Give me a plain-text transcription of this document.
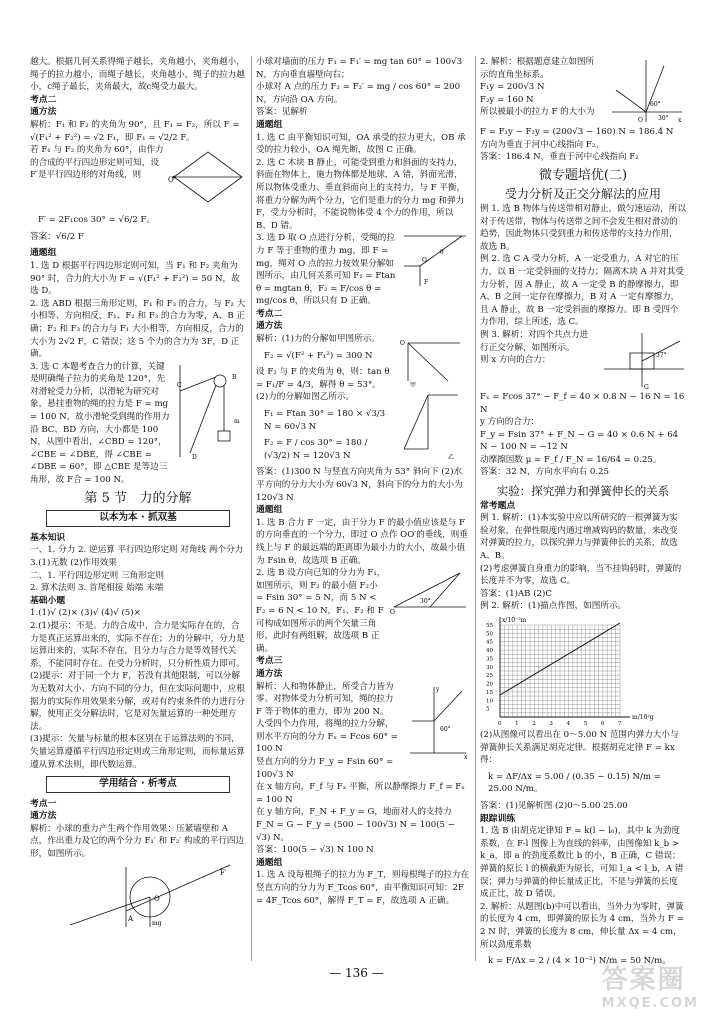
越大。根据几何关系得绳子越长，夹角越小，夹角越小，绳子的拉力越小，而绳子越长，夹角越小，绳子的拉力越小，c绳子最长，夹角最大，故c绳受力最大。

考点二

通方法

解析：F₁ 和 F₂ 的夹角为 90°，且 F₁ = F₂，所以 F = √(F₁² + F₂²) = √2 F₁，即 F₁ = √2/2 F。

若 F₁ 与 F₂ 的夹角为 60°，由作力的合成的平行四边形定则可知，设 F′是平行四边形的对角线，则	O

F′ = 2F₁cos 30° = √6/2 F。

答案：√6/2 F

通题组

1. 选 D 根据平行四边形定则可知，当 F₁ 和 F₂ 夹角为 90° 时，合力的大小为 F = √(F₁² + F₂²) = 50 N，故选 D。

2. 选 ABD 根据三角形定则，F₁ 和 F₃ 的合力，与 F₂ 大小相等、方向相反，F₁、F₂ 和 F₃ 的合力为零，A、B 正确；F₂ 和 F₃ 的合力与 F₁ 大小相等，方向相反，合力的大小为 2√2 F，C 错误；这 5 个力的合力为 3F，D 正确。

3. 选 C 本题考查合力的计算，关键是明确绳子拉力的夹角是 120°，先对滑轮受力分析，以滑轮为研究对象，悬挂重物的绳的拉力是 F = mg = 100 N，故小滑轮受到绳的作用力沿 BC、BD 方向，大小都是 100 N，从图中看出，∠CBD = 120°，∠CBE = ∠DBE，得 ∠CBE = ∠DBE = 60°，即 △CBE 是等边三角形，故 F合 = 100 N。

C
B
D
m

第 5 节 力的分解

以本为本 · 抓双基

基本知识

一、1. 分力 2. 逆运算 平行四边形定则 对角线 两个分力 3.(1)无数 (2)作用效果

二、1. 平行四边形定则 三角形定则

2. 算术法则 3. 首尾相接 始端 末端

基础小题

1.(1)√ (2)× (3)√ (4)√ (5)×

2.(1)提示：不是。力的合成中，合力是实际存在的，合力是真正运算出来的，实际不存在；力的分解中，分力是运算出来的，实际不存在，且分力与合力是等效替代关系，不能同时存在。在受力分析时，只分析性质力即可。

(2)提示：对于同一个力 F，若没有其他限制，可以分解为无数对大小、方向不同的分力，但在实际问题中，应根据力的实际作用效果来分解，或对有约束条件的力进行分解，使用正交分解法时，它是对矢量运算的一种处理方法。

(3)提示：矢量与标量的根本区别在于运算法则的不同，矢量运算遵循平行四边形定则或三角形定则，而标量运算遵从算术法则，即代数运算。

学用结合 · 析考点

考点一

通方法

解析：小球的重力产生两个作用效果：压紧墙壁和 A 点，作出重力及它的两个分力 F₁′ 和 F₂′ 构成的平行四边形，如图所示。

O
A
F′
mg

小球对墙面的压力 F₁ = F₁′ = mg tan 60° = 100√3 N，方向垂直墙壁向右；

小球对 A 点的压力 F₂ = F₂′ = mg / cos 60° = 200 N，方向沿 OA 方向。

答案：见解析

通题组

1. 选 C 由平衡知识可知，OA 承受的拉力更大，OB 承受的拉力较小，OA 绳先断，故图 C 正确。

2. 选 C 木块 B 静止，可能受到重力和斜面的支持力，斜面在物体上，施力物体都是地球，A 错，斜面光滑，所以物体受重力、垂直斜面向上的支持力，与 F 平衡，将重力分解为两个分力，它们是重力的分力 mg 和弹力 F，受力分析时，不能说物体受 4 个力的作用，所以 B、D 错。

3. 选 D 取 O 点进行分析，受绳的拉力 F 等于重物的重力 mg，即 F = mg，绳对 O 点的拉力按效果分解如图所示，由几何关系可知 F₁ = Ftan θ = mgtan θ，F₂ = F/cos θ = mg/cos θ，所以只有 D 正确。

O
F
θ

考点二

通方法

解析：(1)力的分解如甲图所示。

F₂ = √(F² + F₁²) = 300 N

设 F₂ 与 F 的夹角为 θ，则：tan θ = F₁/F = 4/3，解得 θ = 53°。

(2)力的分解如图乙所示。

F₁ = Ftan 30° = 180 × √3/3 N = 60√3 N

F₂ = F / cos 30° = 180 / (√3/2) N = 120√3 N

O
甲
乙

答案：(1)300 N 与竖直方向夹角为 53° 斜向下 (2)水平方向的分力大小为 60√3 N，斜向下的分力的大小为 120√3 N

通题组

1. 选 B 合力 F 一定，由于分力 F 的最小值应该是与 F 的方向垂直的一个分力，即过 O 点作 OO′的垂线，则垂线上与 F 的最远端的距离即为最小力的大小，故最小值为 Fsin θ，故选项 B 正确。

2. 选 B 设方向已知的分力为 F₁，如图所示，则 F₂ 的最小值 F₂小 = Fsin 30° = 5 N，而 5 N < F₂ = 6 N < 10 N，F₁、F₂ 和 F 可构成如图所示的两个矢量三角形，此时有两组解，故选项 B 正确。

30°
O

考点三

通方法

解析：人和物体静止，所受合力皆为零。对物体受力分析可知，绳的拉力 F 等于物体的重力，即为 200 N。

人受四个力作用，将绳的拉力分解，则水平方向的分力 Fₓ = Fcos 60° = 100 N

竖直方向的分力 F_y = Fsin 60° = 100√3 N

60°
x
y

在 x 轴方向，F_f 与 Fₓ 平衡，所以静摩擦力 F_f = Fₓ = 100 N

在 y 轴方向，F_N + F_y = G，地面对人的支持力 F_N = G − F_y = (500 − 100√3) N = 100(5 − √3) N。

答案：100(5 − √3) N 100 N

通题组

1. 选 A 设每根绳子的拉力为 F_T，则每根绳子的拉力在竖直方向的分力为 F_Tcos 60°，由平衡知识可知：2F = 4F_Tcos 60°，解得 F_T = F，故选项 A 正确。

2. 解析：根据题意建立如图所示的直角坐标系。

F₁y = 200√3 N

F₂y = 160 N

所以被最小的拉力 F 的大小为

60°
30°
O	x

F = F₁y − F₂y = (200√3 − 160) N = 186.4 N

方向为垂直于河中心线指向 F₂。

答案：186.4 N，垂直于河中心线指向 F₂

微专题培优(二)

受力分析及正交分解法的应用

例 1. 选 B 物体与传送带相对静止，做匀速运动，所以对于传送带，物体与传送带之间不会发生相对滑动的趋势，因此物体只受到重力和传送带的支持力作用，故选 B。

例 2. 选 C A 受力分析，A 一定受重力，A 对它的压力，以 B 一定受斜面的支持力；隔离木块 A 并对其受力分析，因 A 静止，故 A 一定受 B 的静摩擦力，即 A、B 之间一定存在摩擦力，B 对 A 一定有摩擦力，且 A 静止，故 B 一定受斜面的摩擦力。即 B 受四个力作用，综上所述，选 C。

例 3. 解析：对四个共点力进行正交分解，如图所示。

则 x 方向的合力：	37°
G

Fₓ = Fcos 37° − F_f = 40 × 0.8 N − 16 N = 16 N

y 方向的合力：

F_y = Fsin 37° + F_N − G = 40 × 0.6 N + 64 N − 100 N = −12 N

动摩擦因数 μ = F_f / F_N = 16/64 = 0.25。

答案：32 N，方向水平向右 0.25

实验：探究弹力和弹簧伸长的关系

常考题点

例 1. 解析：(1)本实验中应以所研究的一根弹簧为实验对象，在弹性限度内通过增减钩码的数量，来改变对弹簧的拉力，以探究弹力与弹簧伸长的关系，故选 A、B。

(2)考虑弹簧自身重力的影响，当不挂钩码时，弹簧的长度并不为零，故选 C。

答案：(1)AB (2)C

例 2. 解析：(1)描点作图，如图所示。

x/10⁻²m
m/10²g
55
50
45
40
35
30
25
20
15
10
5
0 1 2 3 4 5 6 7

(2)从图像可以看出在 0～5.00 N 范围内弹力大小与弹簧伸长关系满足胡克定律。根据胡克定律 F = kx 得：

k = ΔF/Δx = 5.00 / (0.35 − 0.15) N/m = 25.00 N/m。

答案：(1)见解析图 (2)0～5.00 25.00

跟踪训练

1. 选 B 由胡克定律知 F = k(l − l₀)，其中 k 为劲度系数，在 F-l 图像上为直线的斜率，由图像知 k_b > k_a，即 a 的劲度系数比 b 的小，B 正确，C 错误；弹簧的原长 l 的横截距为原长，可知 l_a < l_b，A 错误；弹力与弹簧的伸长量成正比，不是与弹簧的长度成正比，故 D 错误。

2. 解析：从题图(b)中可以看出，当外力为零时，弹簧的长度为 4 cm，即弹簧的原长为 4 cm，当外力 F = 2 N 时，弹簧的长度为 8 cm，伸长量 Δx = 4 cm，所以劲度系数

k = F/Δx = 2 / (4 × 10⁻²) N/m = 50 N/m。

— 136 —	答案圈
MXQE.COM
